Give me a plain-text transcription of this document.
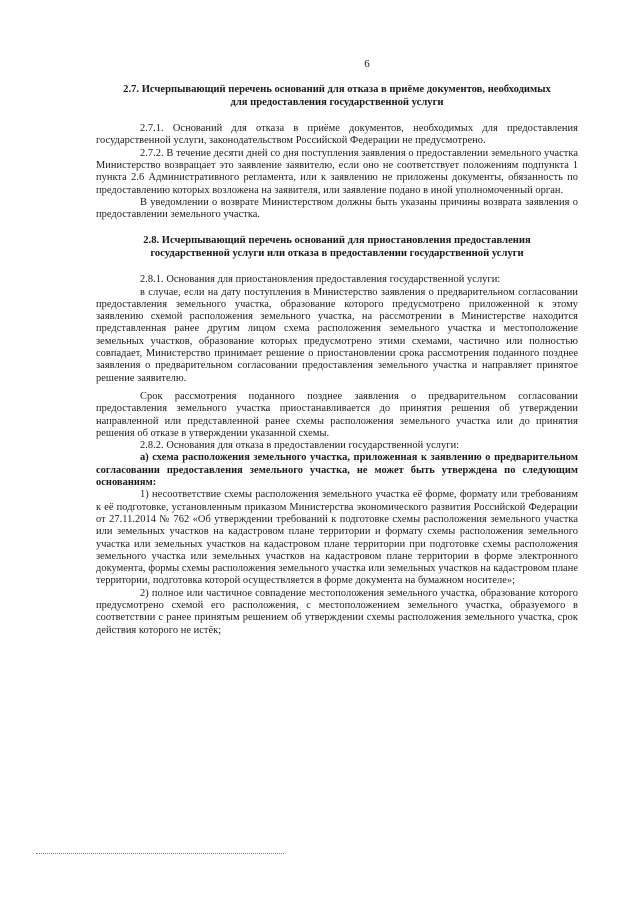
6
2.7. Исчерпывающий перечень оснований для отказа в приёме документов, необходимых для предоставления государственной услуги

2.7.1. Оснований для отказа в приёме документов, необходимых для предоставления государственной услуги, законодательством Российской Федерации не предусмотрено.

2.7.2. В течение десяти дней со дня поступления заявления о предоставлении земельного участка Министерство возвращает это заявление заявителю, если оно не соответствует положениям подпункта 1 пункта 2.6 Административного регламента, или к заявлению не приложены документы, обязанность по предоставлению которых возложена на заявителя, или заявление подано в иной уполномоченный орган.

В уведомлении о возврате Министерством должны быть указаны причины возврата заявления о предоставлении земельного участка.

2.8. Исчерпывающий перечень оснований для приостановления предоставления государственной услуги или отказа в предоставлении государственной услуги

2.8.1. Основания для приостановления предоставления государственной услуги:

в случае, если на дату поступления в Министерство заявления о предварительном согласовании предоставления земельного участка, образование которого предусмотрено приложенной к этому заявлению схемой расположения земельного участка, на рассмотрении в Министерстве находится представленная ранее другим лицом схема расположения земельного участка и местоположение земельных участков, образование которых предусмотрено этими схемами, частично или полностью совпадает, Министерство принимает решение о приостановлении срока рассмотрения поданного позднее заявления о предварительном согласовании предоставления земельного участка и направляет принятое решение заявителю.

Срок рассмотрения поданного позднее заявления о предварительном согласовании предоставления земельного участка приостанавливается до принятия решения об утверждении направленной или представленной ранее схемы расположения земельного участка или до принятия решения об отказе в утверждении указанной схемы.

2.8.2. Основания для отказа в предоставлении государственной услуги:

а) схема расположения земельного участка, приложенная к заявлению о предварительном согласовании предоставления земельного участка, не может быть утверждена по следующим основаниям:

1) несоответствие схемы расположения земельного участка её форме, формату или требованиям к её подготовке, установленным приказом Министерства экономического развития Российской Федерации от 27.11.2014 № 762 «Об утверждении требований к подготовке схемы расположения земельного участка или земельных участков на кадастровом плане территории и формату схемы расположения земельного участка или земельных участков на кадастровом плане территории при подготовке схемы расположения земельного участка или земельных участков на кадастровом плане территории в форме электронного документа, формы схемы расположения земельного участка или земельных участков на кадастровом плане территории, подготовка которой осуществляется в форме документа на бумажном носителе»;

2) полное или частичное совпадение местоположения земельного участка, образование которого предусмотрено схемой его расположения, с местоположением земельного участка, образуемого в соответствии с ранее принятым решением об утверждении схемы расположения земельного участка, срок действия которого не истёк;
